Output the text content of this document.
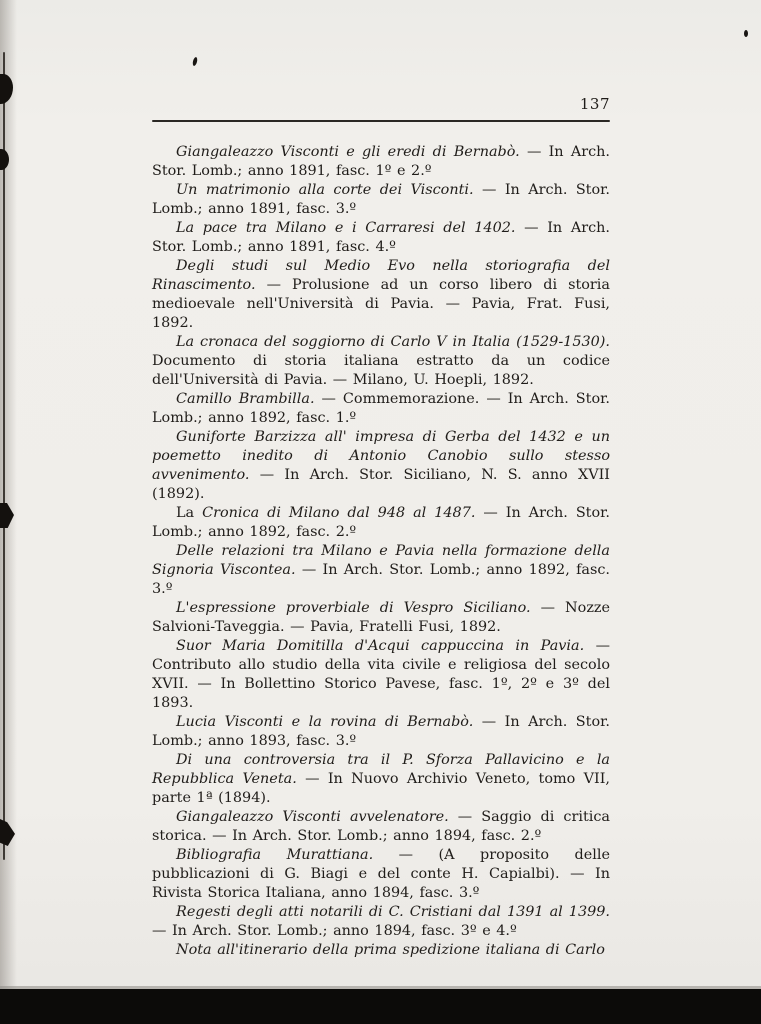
137

Giangaleazzo Visconti e gli eredi di Bernabò. — In Arch. Stor. Lomb.; anno 1891, fasc. 1º e 2.º

Un matrimonio alla corte dei Visconti. — In Arch. Stor. Lomb.; anno 1891, fasc. 3.º

La pace tra Milano e i Carraresi del 1402. — In Arch. Stor. Lomb.; anno 1891, fasc. 4.º

Degli studi sul Medio Evo nella storiografia del Rinascimento. — Prolusione ad un corso libero di storia medioevale nell'Università di Pavia. — Pavia, Frat. Fusi, 1892.

La cronaca del soggiorno di Carlo V in Italia (1529-1530). Documento di storia italiana estratto da un codice dell'Università di Pavia. — Milano, U. Hoepli, 1892.

Camillo Brambilla. — Commemorazione. — In Arch. Stor. Lomb.; anno 1892, fasc. 1.º

Guniforte Barzizza all' impresa di Gerba del 1432 e un poemetto inedito di Antonio Canobio sullo stesso avvenimento. — In Arch. Stor. Siciliano, N. S. anno XVII (1892).

La Cronica di Milano dal 948 al 1487. — In Arch. Stor. Lomb.; anno 1892, fasc. 2.º

Delle relazioni tra Milano e Pavia nella formazione della Signoria Viscontea. — In Arch. Stor. Lomb.; anno 1892, fasc. 3.º

L'espressione proverbiale di Vespro Siciliano. — Nozze Salvioni-Taveggia. — Pavia, Fratelli Fusi, 1892.

Suor Maria Domitilla d'Acqui cappuccina in Pavia. — Contributo allo studio della vita civile e religiosa del secolo XVII. — In Bollettino Storico Pavese, fasc. 1º, 2º e 3º del 1893.

Lucia Visconti e la rovina di Bernabò. — In Arch. Stor. Lomb.; anno 1893, fasc. 3.º

Di una controversia tra il P. Sforza Pallavicino e la Repubblica Veneta. — In Nuovo Archivio Veneto, tomo VII, parte 1ª (1894).

Giangaleazzo Visconti avvelenatore. — Saggio di critica storica. — In Arch. Stor. Lomb.; anno 1894, fasc. 2.º

Bibliografia Murattiana. — (A proposito delle pubblicazioni di G. Biagi e del conte H. Capialbi). — In Rivista Storica Italiana, anno 1894, fasc. 3.º

Regesti degli atti notarili di C. Cristiani dal 1391 al 1399. — In Arch. Stor. Lomb.; anno 1894, fasc. 3º e 4.º

Nota all'itinerario della prima spedizione italiana di Carlo
